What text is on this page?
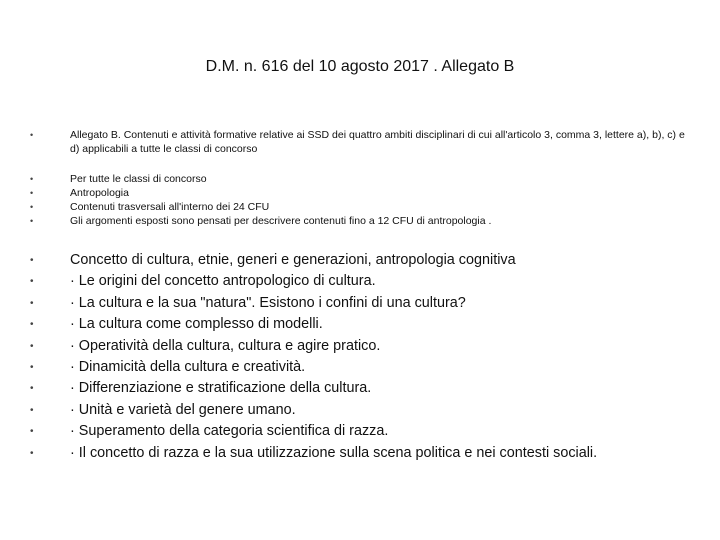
D.M. n. 616 del 10 agosto 2017 . Allegato B
• Allegato B. Contenuti e attività formative relative ai SSD dei quattro ambiti disciplinari di cui all'articolo 3, comma 3, lettere a), b), c) e d) applicabili a tutte le classi di concorso
• Per tutte le classi di concorso
• Antropologia
• Contenuti trasversali all'interno dei 24 CFU
• Gli argomenti esposti sono pensati per descrivere contenuti fino a 12 CFU di antropologia .
• Concetto di cultura, etnie, generi e generazioni, antropologia cognitiva
• · Le origini del concetto antropologico di cultura.
• · La cultura e la sua "natura". Esistono i confini di una cultura?
• · La cultura come complesso di modelli.
• · Operatività della cultura, cultura e agire pratico.
• · Dinamicità della cultura e creatività.
• · Differenziazione e stratificazione della cultura.
• · Unità e varietà del genere umano.
• · Superamento della categoria scientifica di razza.
• · Il concetto di razza e la sua utilizzazione sulla scena politica e nei contesti sociali.
